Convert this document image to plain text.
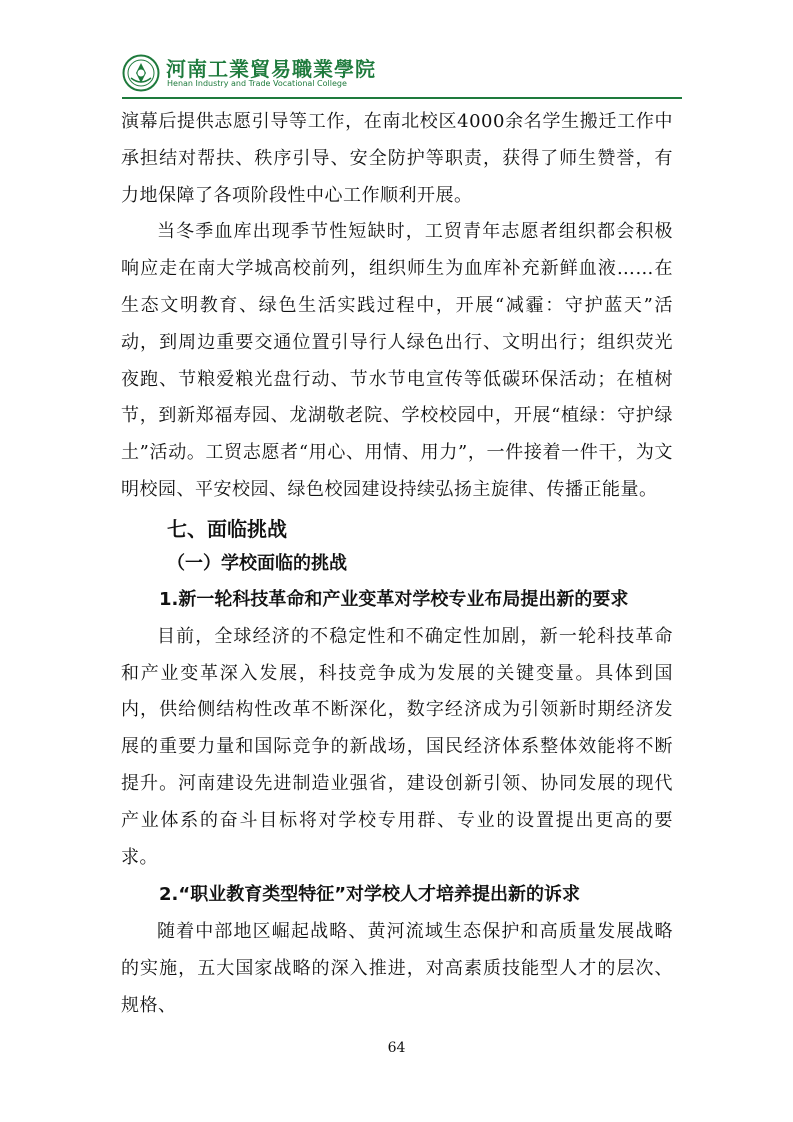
河南工業貿易職業學院
Henan Industry and Trade Vocational College

演幕后提供志愿引导等工作，在南北校区4000余名学生搬迁工作中承担结对帮扶、秩序引导、安全防护等职责，获得了师生赞誉，有力地保障了各项阶段性中心工作顺利开展。

当冬季血库出现季节性短缺时，工贸青年志愿者组织都会积极响应走在南大学城高校前列，组织师生为血库补充新鲜血液……在生态文明教育、绿色生活实践过程中，开展“减霾：守护蓝天”活动，到周边重要交通位置引导行人绿色出行、文明出行；组织荧光夜跑、节粮爱粮光盘行动、节水节电宣传等低碳环保活动；在植树节，到新郑福寿园、龙湖敬老院、学校校园中，开展“植绿：守护绿土”活动。工贸志愿者“用心、用情、用力”，一件接着一件干，为文明校园、平安校园、绿色校园建设持续弘扬主旋律、传播正能量。

七、面临挑战
（一）学校面临的挑战
1.新一轮科技革命和产业变革对学校专业布局提出新的要求

目前，全球经济的不稳定性和不确定性加剧，新一轮科技革命和产业变革深入发展，科技竞争成为发展的关键变量。具体到国内，供给侧结构性改革不断深化，数字经济成为引领新时期经济发展的重要力量和国际竞争的新战场，国民经济体系整体效能将不断提升。河南建设先进制造业强省，建设创新引领、协同发展的现代产业体系的奋斗目标将对学校专用群、专业的设置提出更高的要求。

2.“职业教育类型特征”对学校人才培养提出新的诉求

随着中部地区崛起战略、黄河流域生态保护和高质量发展战略的实施，五大国家战略的深入推进，对高素质技能型人才的层次、规格、

64
